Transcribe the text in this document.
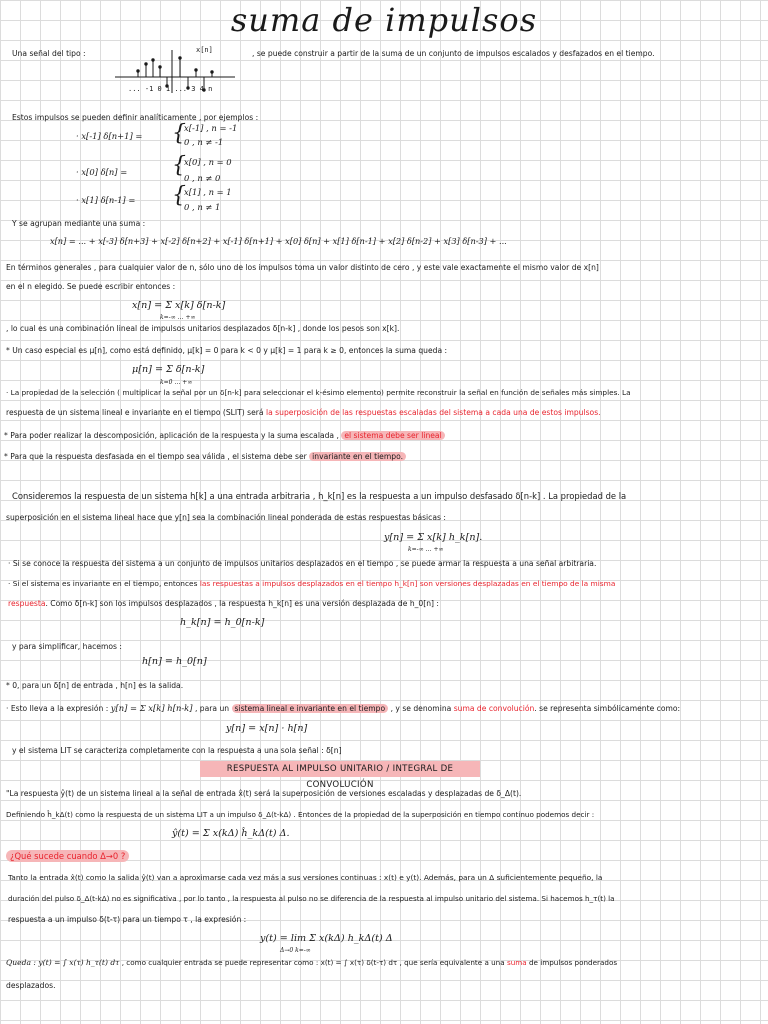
suma de impulsos
Una señal del tipo :	x[n]
... -1 0 1 ... 3 4 n
, se puede construir a partir de la suma de un conjunto de impulsos escalados y desfazados en el tiempo.
Estos impulsos se pueden definir analíticamente , por ejemplos :
· x[-1] δ[n+1] = {
x[-1] , n = -1
0 , n ≠ -1
· x[0] δ[n] = {
x[0] , n = 0
0 , n ≠ 0
· x[1] δ[n-1] = {
x[1] , n = 1
0 , n ≠ 1
Y se agrupan mediante una suma :
x[n] = ... + x[-3] δ[n+3] + x[-2] δ[n+2] + x[-1] δ[n+1] + x[0] δ[n] + x[1] δ[n-1] + x[2] δ[n-2] + x[3] δ[n-3] + ...
En términos generales , para cualquier valor de n, sólo uno de los impulsos toma un valor distinto de cero , y este vale exactamente el mismo valor de x[n]
en el n elegido. Se puede escribir entonces :
x[n] = Σ x[k] δ[n-k]
k=-∞ … +∞
, lo cual es una combinación lineal de impulsos unitarios desplazados δ[n-k] , donde los pesos son x[k].
* Un caso especial es μ[n], como está definido, μ[k] = 0 para k < 0 y μ[k] = 1 para k ≥ 0, entonces la suma queda :
μ[n] = Σ δ[n-k]
k=0 … +∞
· La propiedad de la selección ( multiplicar la señal por un δ[n-k] para seleccionar el k-ésimo elemento) permite reconstruir la señal en función de señales más simples. La
respuesta de un sistema lineal e invariante en el tiempo (SLIT) será la superposición de las respuestas escaladas del sistema a cada una de estos impulsos.
* Para poder realizar la descomposición, aplicación de la respuesta y la suma escalada , el sistema debe ser lineal
* Para que la respuesta desfasada en el tiempo sea válida , el sistema debe ser invariante en el tiempo.
Consideremos la respuesta de un sistema h[k] a una entrada arbitraria , h_k[n] es la respuesta a un impulso desfasado δ[n-k] . La propiedad de la
superposición en el sistema lineal hace que y[n] sea la combinación lineal ponderada de estas respuestas básicas :
y[n] = Σ x[k] h_k[n].
k=-∞ … +∞
· Si se conoce la respuesta del sistema a un conjunto de impulsos unitarios desplazados en el tiempo , se puede armar la respuesta a una señal arbitraria.
· Si el sistema es invariante en el tiempo, entonces las respuestas a impulsos desplazados en el tiempo h_k[n] son versiones desplazadas en el tiempo de la misma
respuesta. Como δ[n-k] son los impulsos desplazados , la respuesta h_k[n] es una versión desplazada de h_0[n] :
h_k[n] = h_0[n-k]
y para simplificar, hacemos :
h[n] = h_0[n]
* 0, para un δ[n] de entrada , h[n] es la salida.
· Esto lleva a la expresión : y[n] = Σ x[k] h[n-k] , para un sistema lineal e invariante en el tiempo , y se denomina suma de convolución. se representa simbólicamente como:
y[n] = x[n] · h[n]
y el sistema LIT se caracteriza completamente con la respuesta a una sola señal : δ[n]
RESPUESTA AL IMPULSO UNITARIO / INTEGRAL DE CONVOLUCIÓN
"La respuesta ŷ(t) de un sistema lineal a la señal de entrada x̂(t) será la superposición de versiones escaladas y desplazadas de δ_Δ(t).
Definiendo ĥ_kΔ(t) como la respuesta de un sistema LIT a un impulso δ_Δ(t-kΔ) . Entonces de la propiedad de la superposición en tiempo continuo podemos decir :
ŷ(t) = Σ x(kΔ) ĥ_kΔ(t) Δ.
¿Qué sucede cuando Δ→0 ?
Tanto la entrada x̂(t) como la salida ŷ(t) van a aproximarse cada vez más a sus versiones continuas : x(t) e y(t). Además, para un Δ suficientemente pequeño, la
duración del pulso δ_Δ(t-kΔ) no es significativa , por lo tanto , la respuesta al pulso no se diferencia de la respuesta al impulso unitario del sistema. Si hacemos h_τ(t) la
respuesta a un impulso δ(t-τ) para un tiempo τ , la expresión :
y(t) = lim Σ x(kΔ) h_kΔ(t) Δ
Δ→0 k=-∞
Queda : y(t) = ∫ x(τ) h_τ(t) dτ , como cualquier entrada se puede representar como : x(t) = ∫ x(τ) δ(t-τ) dτ , que sería equivalente a una suma de impulsos ponderados
desplazados.
